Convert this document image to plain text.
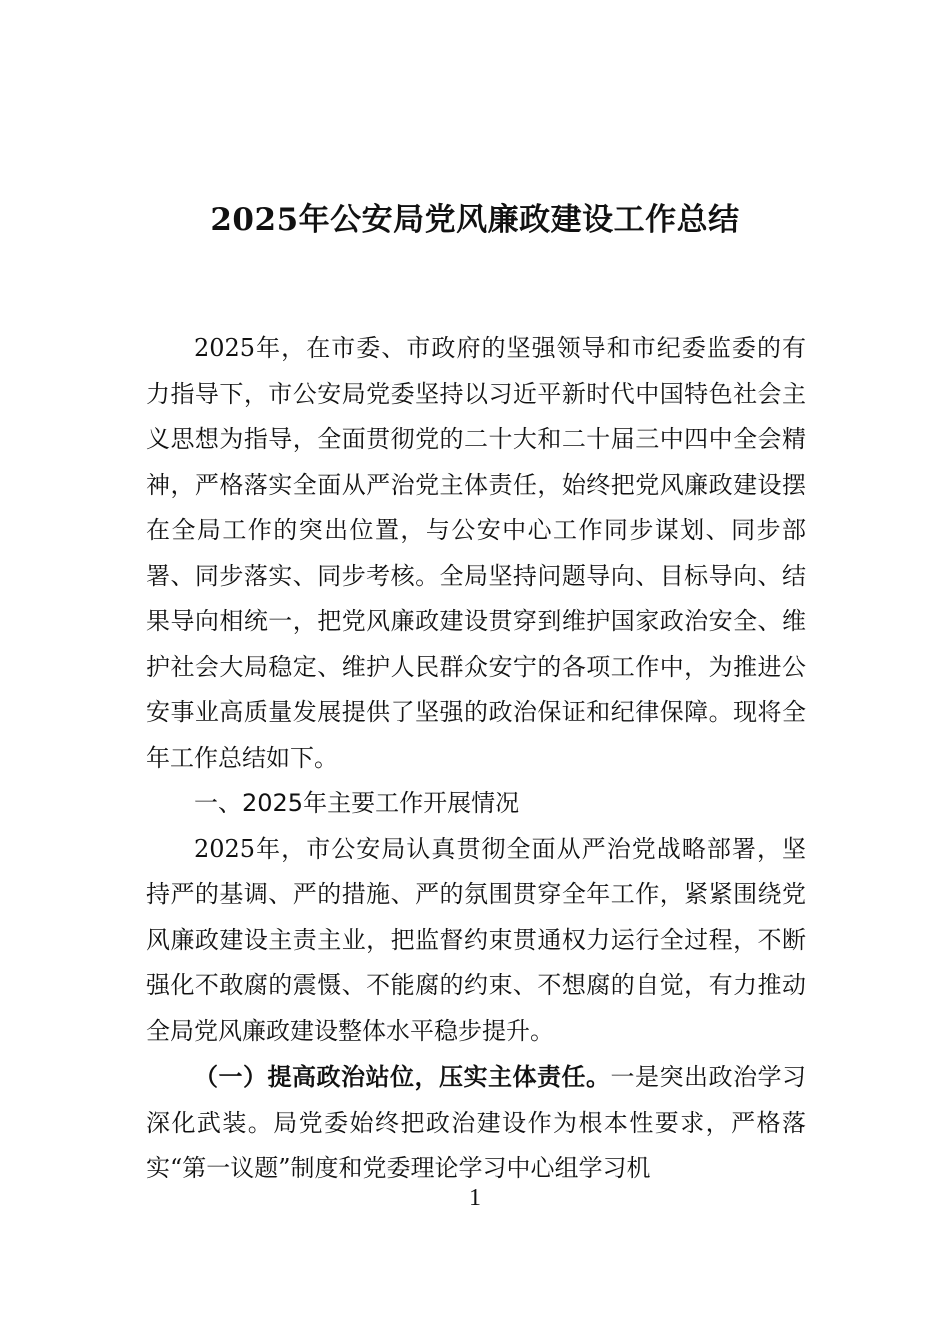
2025年公安局党风廉政建设工作总结

2025年，在市委、市政府的坚强领导和市纪委监委的有力指导下，市公安局党委坚持以习近平新时代中国特色社会主义思想为指导，全面贯彻党的二十大和二十届三中四中全会精神，严格落实全面从严治党主体责任，始终把党风廉政建设摆在全局工作的突出位置，与公安中心工作同步谋划、同步部署、同步落实、同步考核。全局坚持问题导向、目标导向、结果导向相统一，把党风廉政建设贯穿到维护国家政治安全、维护社会大局稳定、维护人民群众安宁的各项工作中，为推进公安事业高质量发展提供了坚强的政治保证和纪律保障。现将全年工作总结如下。

一、2025年主要工作开展情况

2025年，市公安局认真贯彻全面从严治党战略部署，坚持严的基调、严的措施、严的氛围贯穿全年工作，紧紧围绕党风廉政建设主责主业，把监督约束贯通权力运行全过程，不断强化不敢腐的震慑、不能腐的约束、不想腐的自觉，有力推动全局党风廉政建设整体水平稳步提升。

（一）提高政治站位，压实主体责任。一是突出政治学习深化武装。局党委始终把政治建设作为根本性要求，严格落实“第一议题”制度和党委理论学习中心组学习机

1
